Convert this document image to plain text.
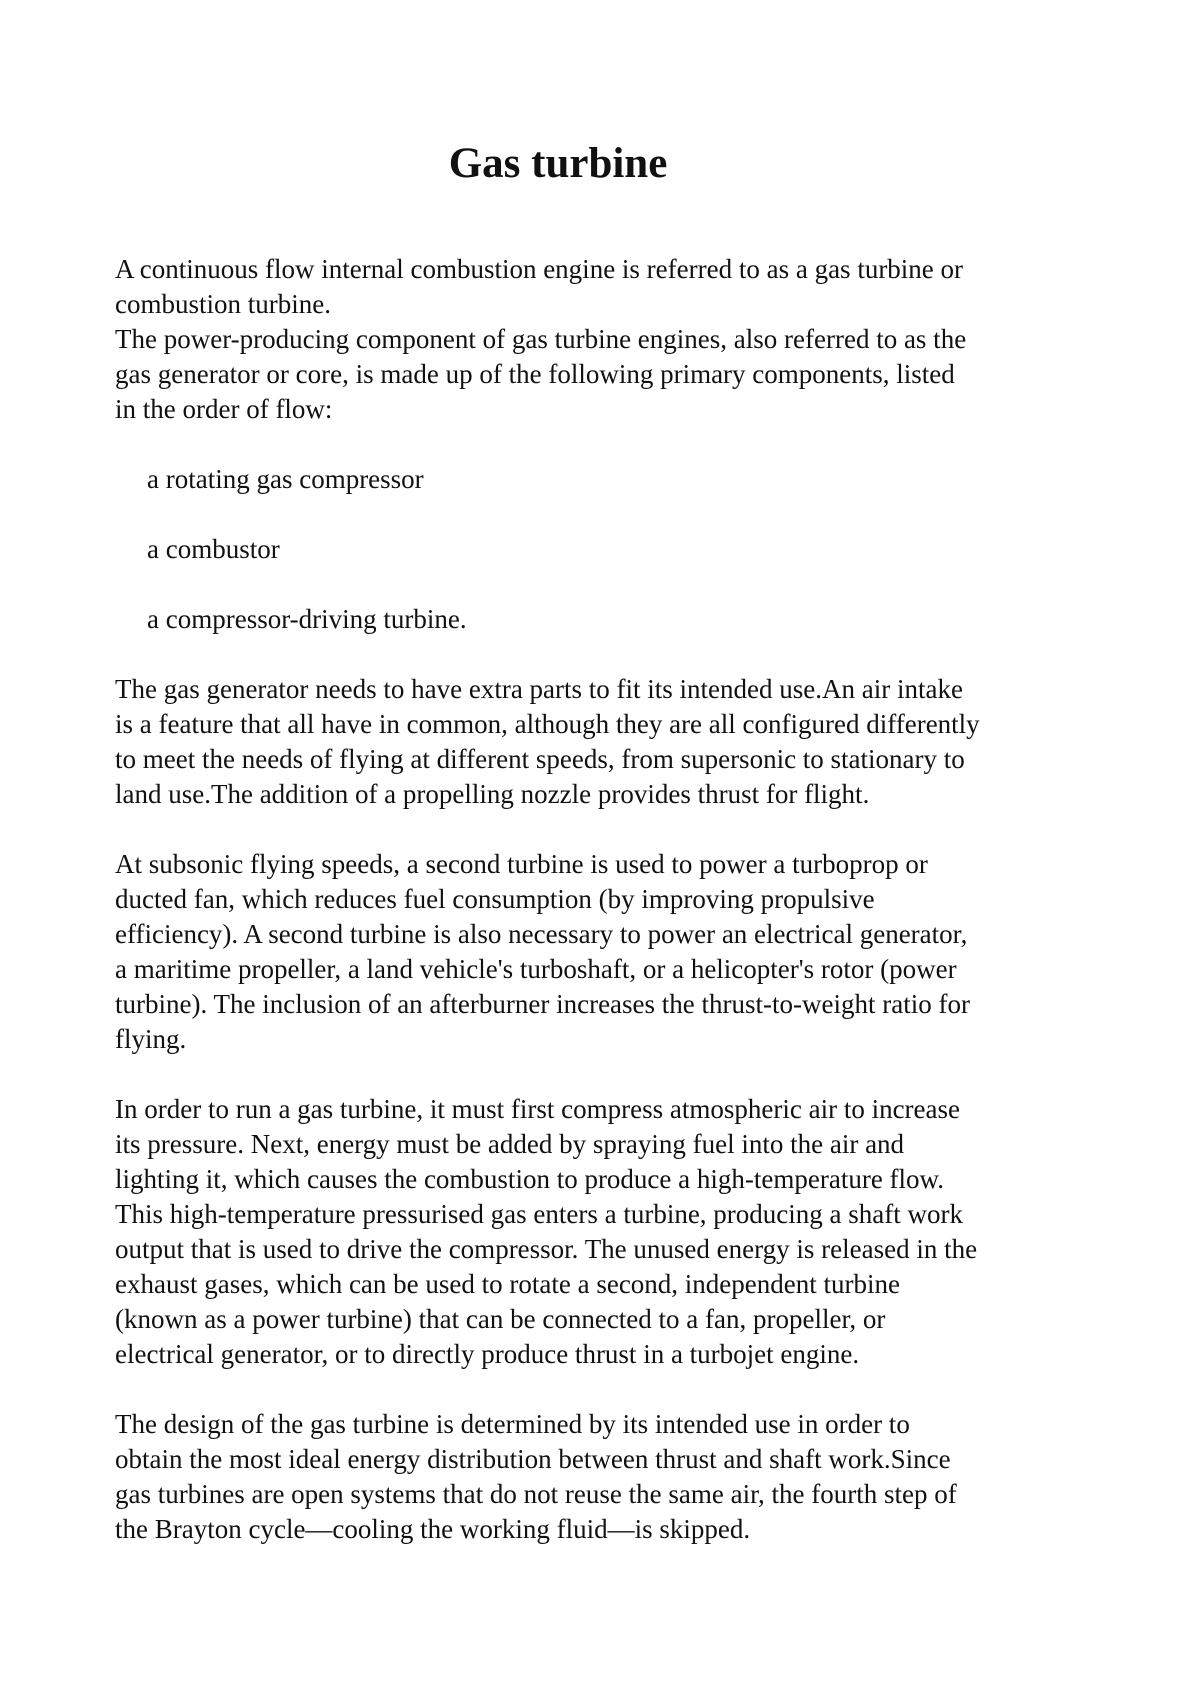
Gas turbine

A continuous flow internal combustion engine is referred to as a gas turbine or
combustion turbine.
The power-producing component of gas turbine engines, also referred to as the
gas generator or core, is made up of the following primary components, listed
in the order of flow:

a rotating gas compressor
a combustor
a compressor-driving turbine.

The gas generator needs to have extra parts to fit its intended use.An air intake
is a feature that all have in common, although they are all configured differently
to meet the needs of flying at different speeds, from supersonic to stationary to
land use.The addition of a propelling nozzle provides thrust for flight.

At subsonic flying speeds, a second turbine is used to power a turboprop or
ducted fan, which reduces fuel consumption (by improving propulsive
efficiency). A second turbine is also necessary to power an electrical generator,
a maritime propeller, a land vehicle's turboshaft, or a helicopter's rotor (power
turbine). The inclusion of an afterburner increases the thrust-to-weight ratio for
flying.

In order to run a gas turbine, it must first compress atmospheric air to increase
its pressure. Next, energy must be added by spraying fuel into the air and
lighting it, which causes the combustion to produce a high-temperature flow.
This high-temperature pressurised gas enters a turbine, producing a shaft work
output that is used to drive the compressor. The unused energy is released in the
exhaust gases, which can be used to rotate a second, independent turbine
(known as a power turbine) that can be connected to a fan, propeller, or
electrical generator, or to directly produce thrust in a turbojet engine.

The design of the gas turbine is determined by its intended use in order to
obtain the most ideal energy distribution between thrust and shaft work.Since
gas turbines are open systems that do not reuse the same air, the fourth step of
the Brayton cycle—cooling the working fluid—is skipped.
